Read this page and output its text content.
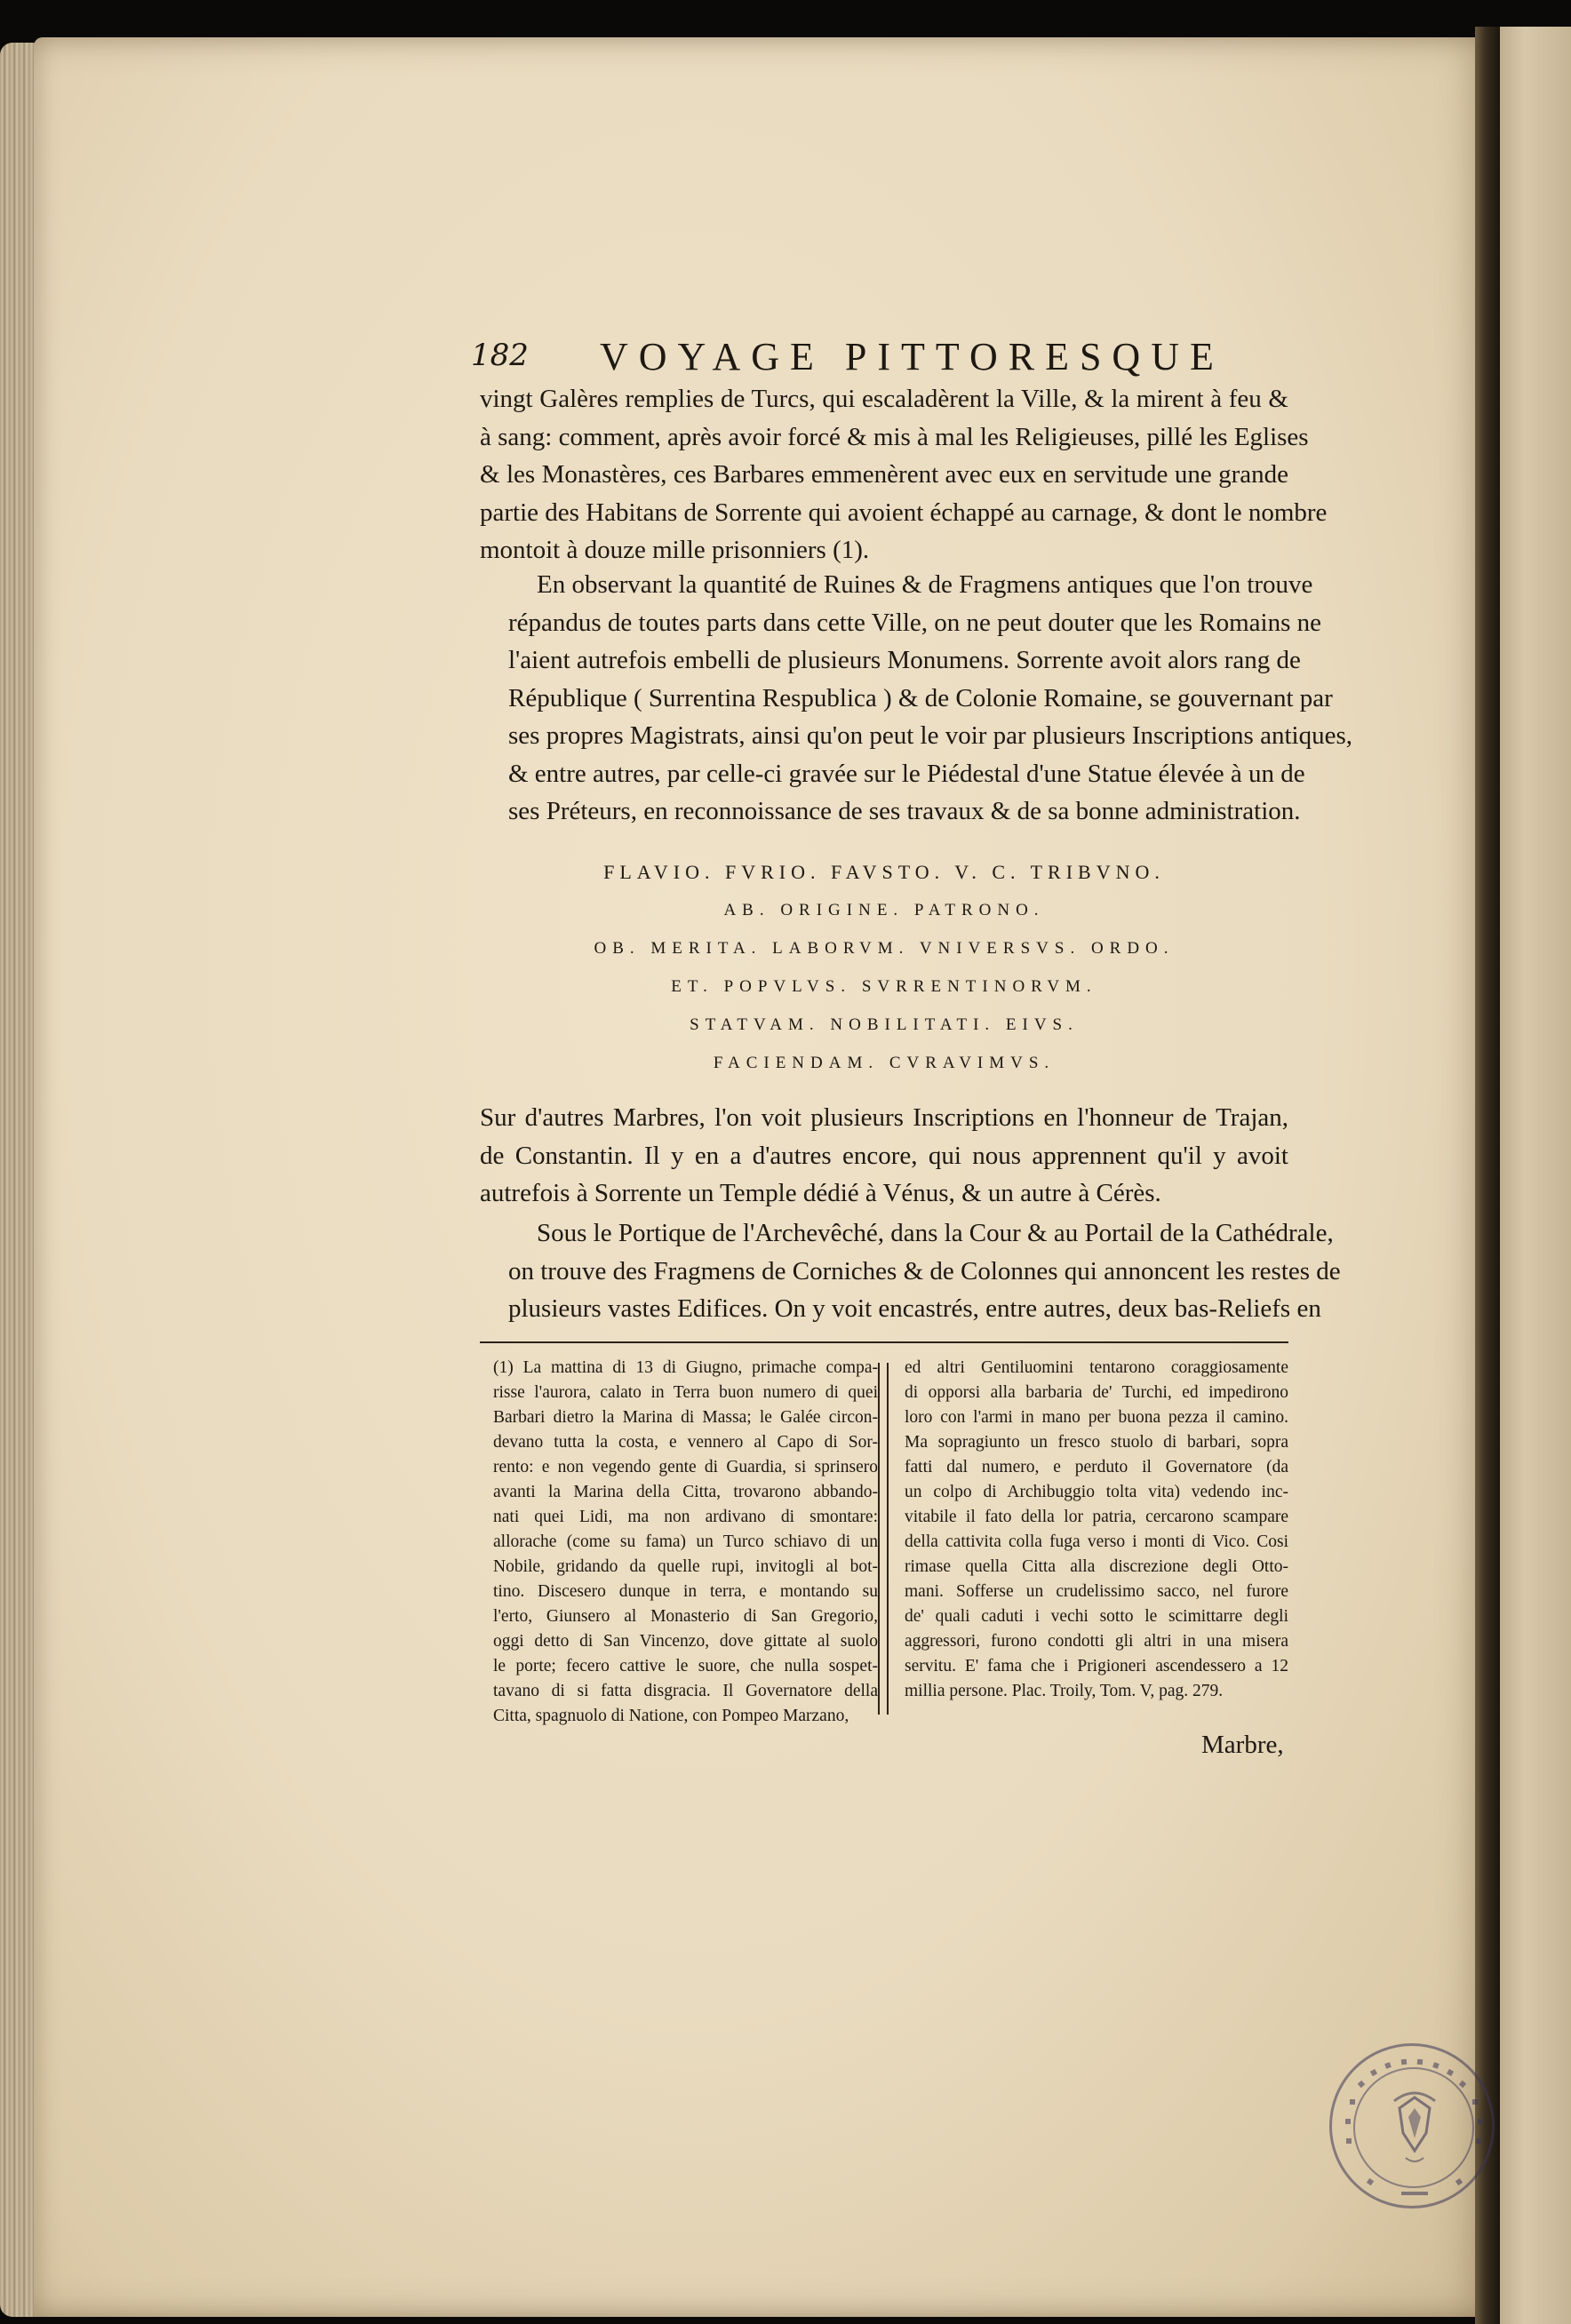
182 VOYAGE PITTORESQUE
vingt Galères remplies de Turcs, qui escaladèrent la Ville, & la mirent à feu &
à sang: comment, après avoir forcé & mis à mal les Religieuses, pillé les Eglises
& les Monastères, ces Barbares emmenèrent avec eux en servitude une grande
partie des Habitans de Sorrente qui avoient échappé au carnage, & dont le nombre
montoit à douze mille prisonniers (1).
En observant la quantité de Ruines & de Fragmens antiques que l'on trouve
répandus de toutes parts dans cette Ville, on ne peut douter que les Romains ne
l'aient autrefois embelli de plusieurs Monumens. Sorrente avoit alors rang de
République ( Surrentina Respublica ) & de Colonie Romaine, se gouvernant par
ses propres Magistrats, ainsi qu'on peut le voir par plusieurs Inscriptions antiques,
& entre autres, par celle-ci gravée sur le Piédestal d'une Statue élevée à un de
ses Préteurs, en reconnoissance de ses travaux & de sa bonne administration.
FLAVIO. FVRIO. FAVSTO. V. C. TRIBVNO.
AB. ORIGINE. PATRONO.
OB. MERITA. LABORVM. VNIVERSVS. ORDO.
ET. POPVLVS. SVRRENTINORVM.
STATVAM. NOBILITATI. EIVS.
FACIENDAM. CVRAVIMVS.
Sur d'autres Marbres, l'on voit plusieurs Inscriptions en l'honneur de Trajan,
de Constantin. Il y en a d'autres encore, qui nous apprennent qu'il y avoit
autrefois à Sorrente un Temple dédié à Vénus, & un autre à Cérès.
Sous le Portique de l'Archevêché, dans la Cour & au Portail de la Cathédrale,
on trouve des Fragmens de Corniches & de Colonnes qui annoncent les restes de
plusieurs vastes Edifices. On y voit encastrés, entre autres, deux bas-Reliefs en
(1) La mattina di 13 di Giugno, primache compa-
risse l'aurora, calato in Terra buon numero di quei
Barbari dietro la Marina di Massa; le Galée circon-
devano tutta la costa, e vennero al Capo di Sor-
rento: e non vegendo gente di Guardia, si sprinsero
avanti la Marina della Citta, trovarono abbando-
nati quei Lidi, ma non ardivano di smontare:
allorache (come su fama) un Turco schiavo di un
Nobile, gridando da quelle rupi, invitogli al bot-
tino. Discesero dunque in terra, e montando su
l'erto, Giunsero al Monasterio di San Gregorio,
oggi detto di San Vincenzo, dove gittate al suolo
le porte; fecero cattive le suore, che nulla sospet-
tavano di si fatta disgracia. Il Governatore della
Citta, spagnuolo di Natione, con Pompeo Marzano,
ed altri Gentiluomini tentarono coraggiosamente
di opporsi alla barbaria de' Turchi, ed impedirono
loro con l'armi in mano per buona pezza il camino.
Ma sopragiunto un fresco stuolo di barbari, sopra
fatti dal numero, e perduto il Governatore (da
un colpo di Archibuggio tolta vita) vedendo inc-
vitabile il fato della lor patria, cercarono scampare
della cattivita colla fuga verso i monti di Vico. Cosi
rimase quella Citta alla discrezione degli Otto-
mani. Sofferse un crudelissimo sacco, nel furore
de' quali caduti i vechi sotto le scimittarre degli
aggressori, furono condotti gli altri in una misera
servitu. E' fama che i Prigioneri ascendessero a 12
millia persone. Plac. Troily, Tom. V, pag. 279.
Marbre,
